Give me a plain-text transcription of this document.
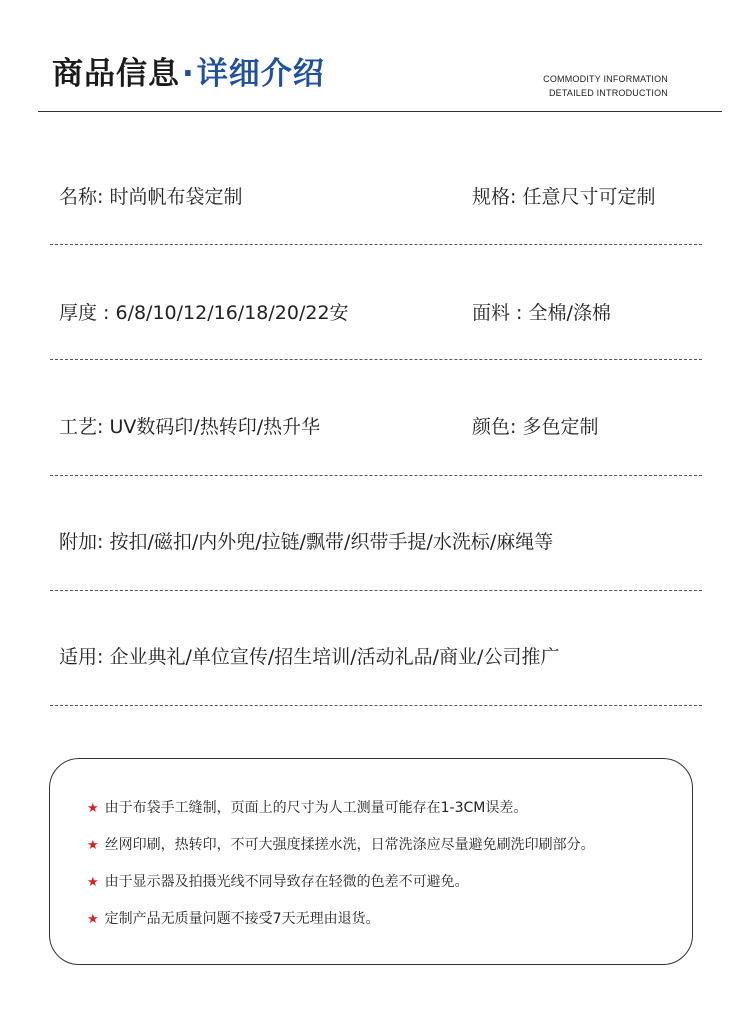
商品信息·详细介绍	COMMODITY INFORMATION
DETAILED INTRODUCTION
名称: 时尚帆布袋定制	规格: 任意尺寸可定制
厚度 : 6/8/10/12/16/18/20/22安	面料 : 全棉/涤棉
工艺: UV数码印/热转印/热升华	颜色: 多色定制
附加: 按扣/磁扣/内外兜/拉链/飘带/织带手提/水洗标/麻绳等
适用: 企业典礼/单位宣传/招生培训/活动礼品/商业/公司推广
★ 由于布袋手工缝制，页面上的尺寸为人工测量可能存在1-3CM误差。
★ 丝网印刷，热转印，不可大强度揉搓水洗，日常洗涤应尽量避免刷洗印刷部分。
★ 由于显示器及拍摄光线不同导致存在轻微的色差不可避免。
★ 定制产品无质量问题不接受7天无理由退货。
